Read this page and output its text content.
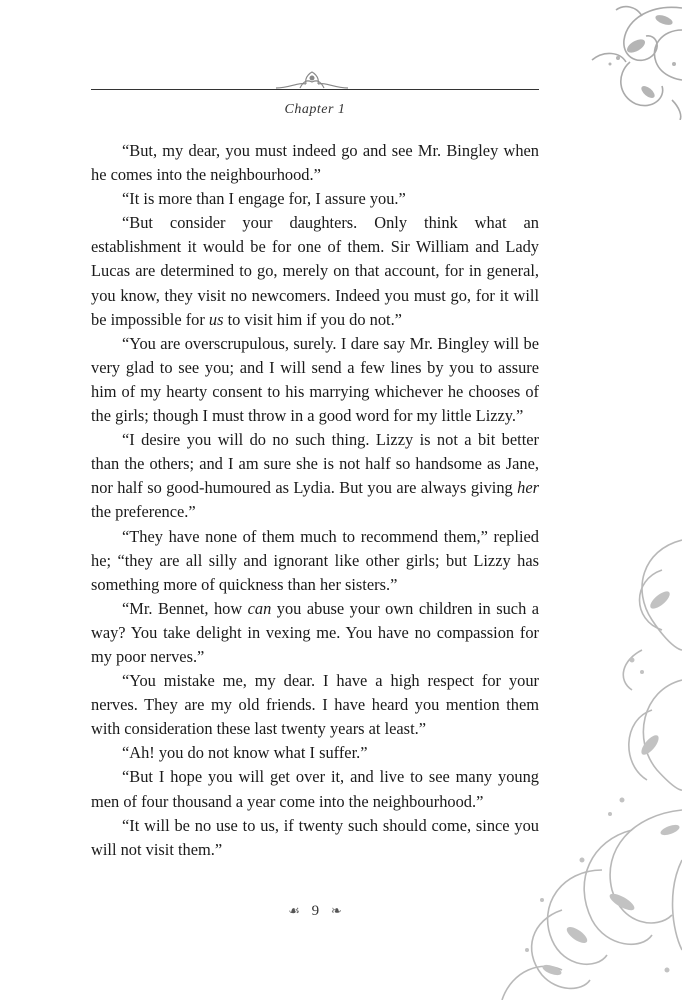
Chapter 1

“But, my dear, you must indeed go and see Mr. Bingley when he comes into the neighbourhood.”

“It is more than I engage for, I assure you.”

“But consider your daughters. Only think what an establishment it would be for one of them. Sir William and Lady Lucas are determined to go, merely on that account, for in general, you know, they visit no newcomers. Indeed you must go, for it will be impossible for us to visit him if you do not.”

“You are overscrupulous, surely. I dare say Mr. Bingley will be very glad to see you; and I will send a few lines by you to assure him of my hearty consent to his marrying whichever he chooses of the girls; though I must throw in a good word for my little Lizzy.”

“I desire you will do no such thing. Lizzy is not a bit better than the others; and I am sure she is not half so handsome as Jane, nor half so good-humoured as Lydia. But you are always giving her the preference.”

“They have none of them much to recommend them,” replied he; “they are all silly and ignorant like other girls; but Lizzy has something more of quickness than her sisters.”

“Mr. Bennet, how can you abuse your own children in such a way? You take delight in vexing me. You have no compassion for my poor nerves.”

“You mistake me, my dear. I have a high respect for your nerves. They are my old friends. I have heard you mention them with consideration these last twenty years at least.”

“Ah! you do not know what I suffer.”

“But I hope you will get over it, and live to see many young men of four thousand a year come into the neighbourhood.”

“It will be no use to us, if twenty such should come, since you will not visit them.”

☙ 9 ❧
